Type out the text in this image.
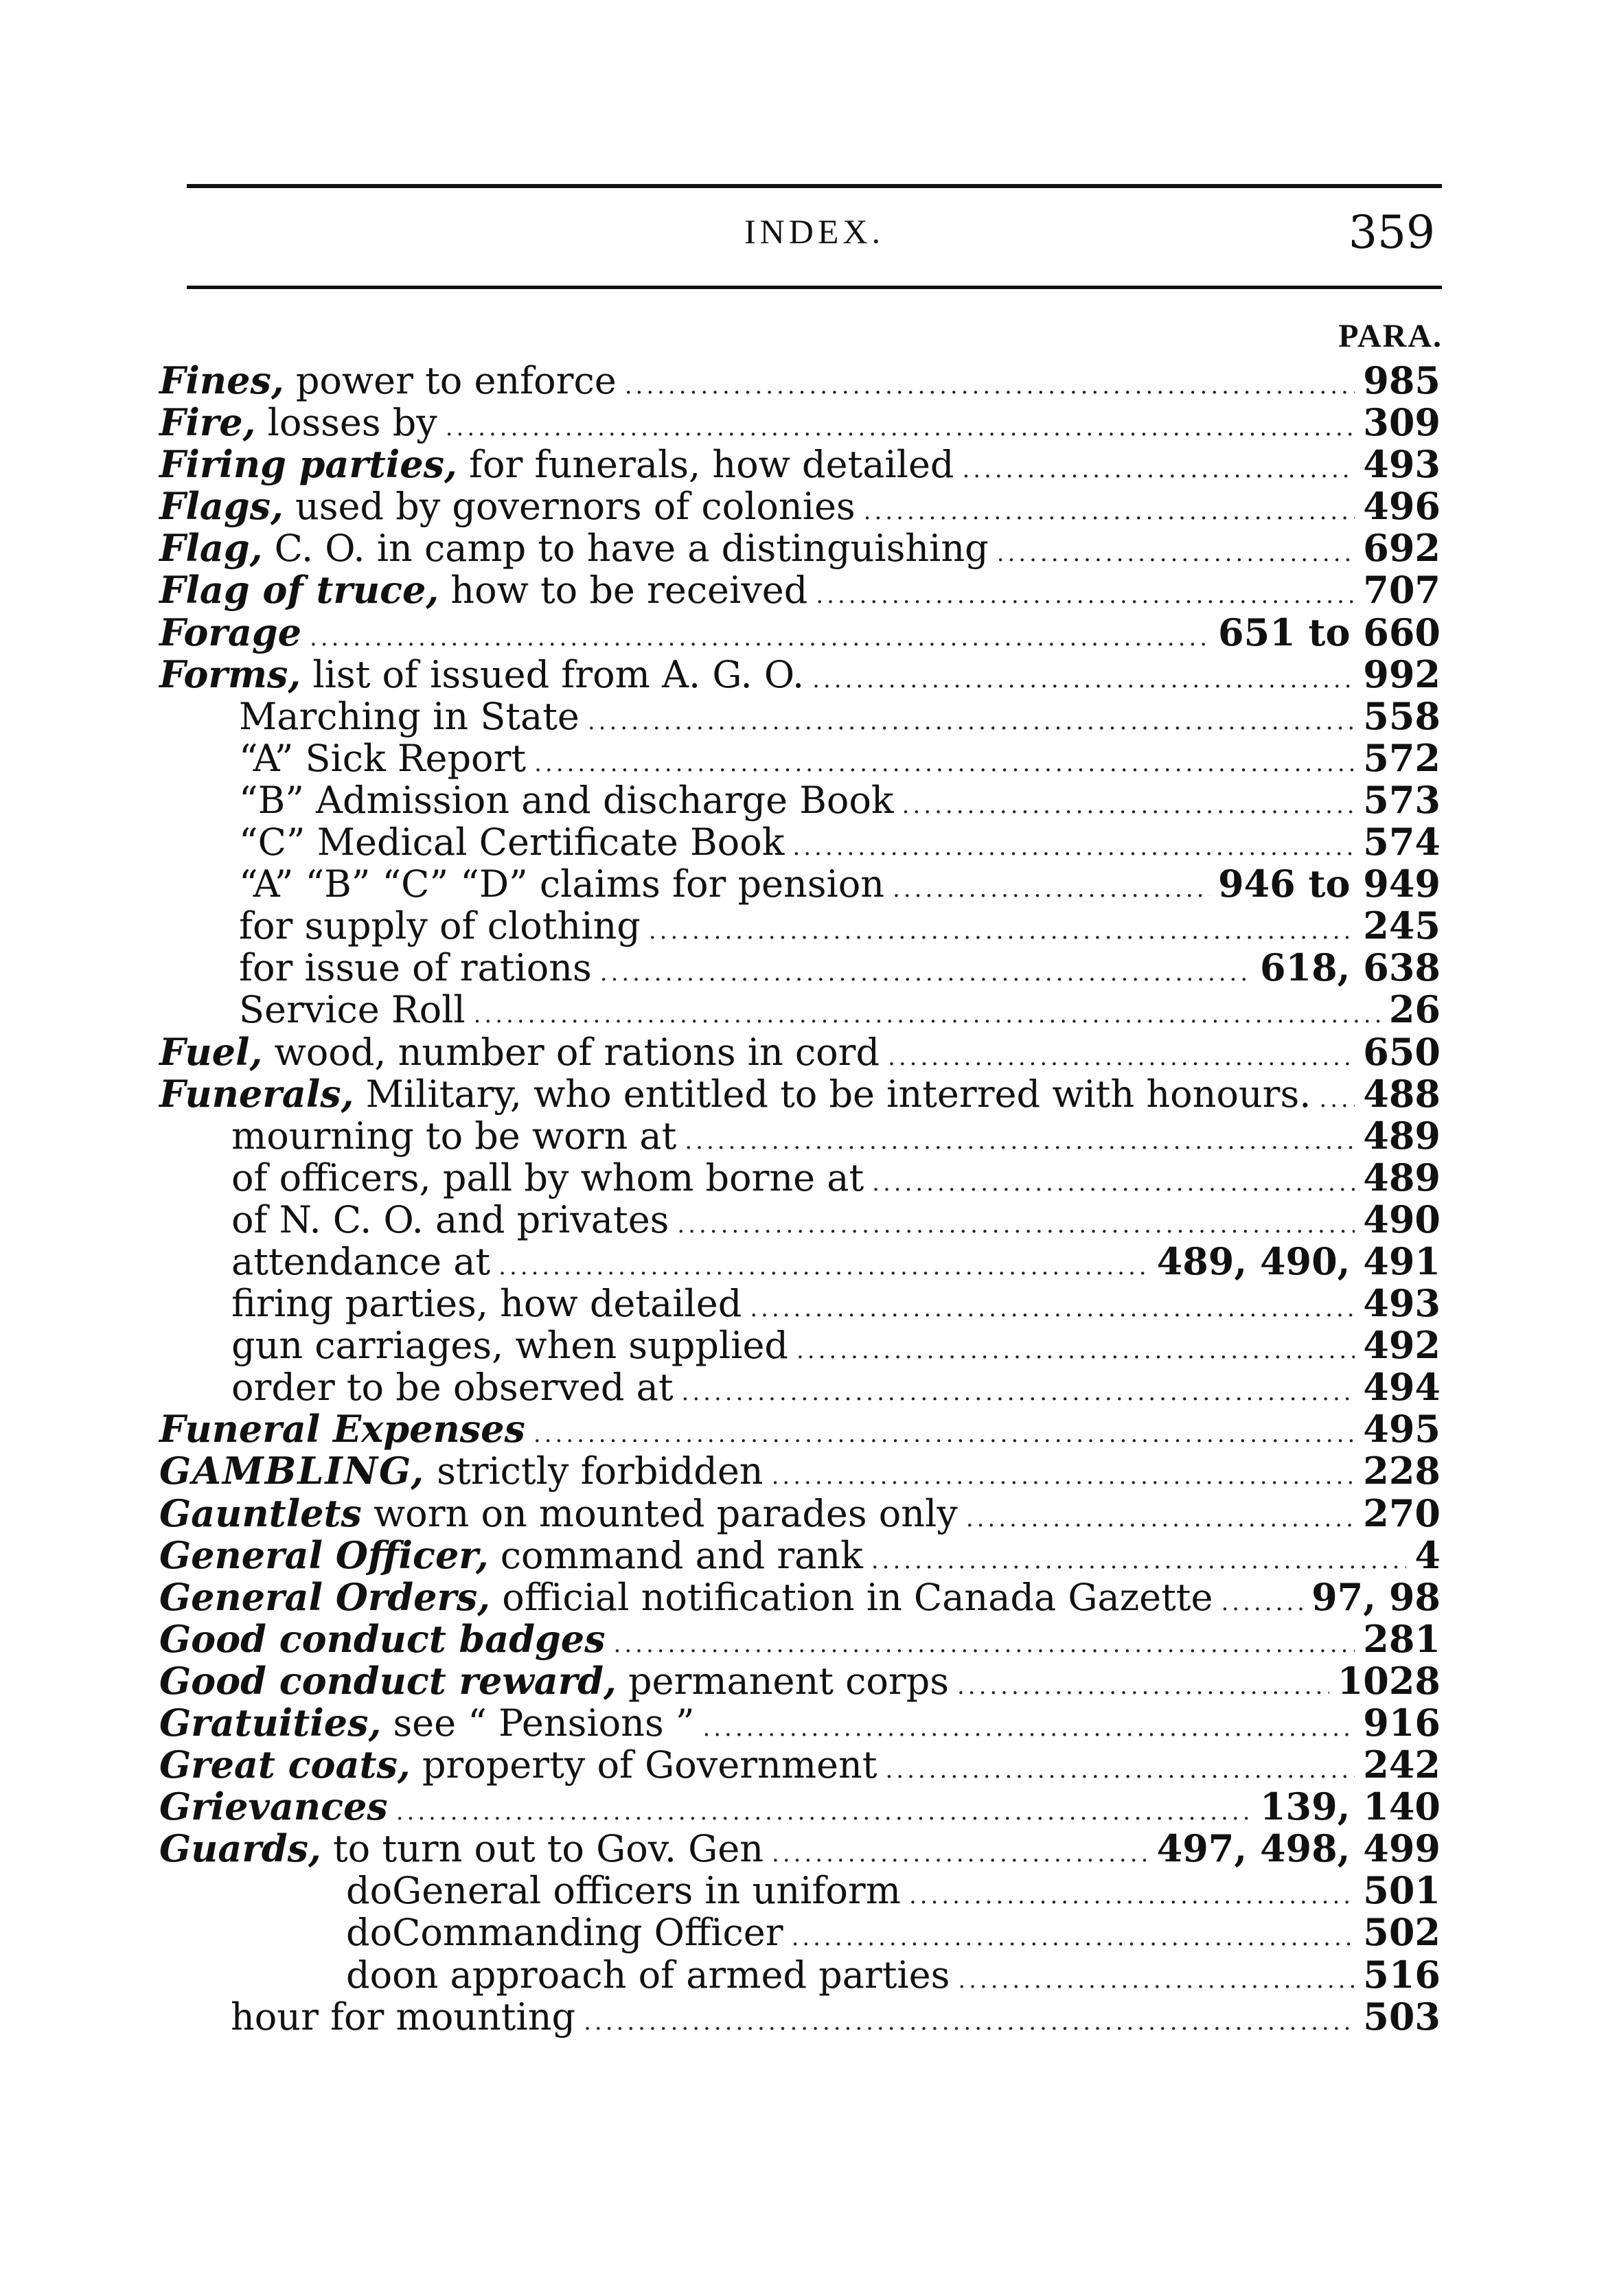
INDEX.	359
PARA.
Fines, power to enforce .....	985
Fire, losses by .....	309
Firing parties, for funerals, how detailed .....	493
Flags, used by governors of colonies .....	496
Flag, C. O. in camp to have a distinguishing .....	692
Flag of truce, how to be received .....	707
Forage .....	651 to 660
Forms, list of issued from A. G. O. .....	992
Marching in State .....	558
“A” Sick Report .....	572
“B” Admission and discharge Book .....	573
“C” Medical Certificate Book .....	574
“A” “B” “C” “D” claims for pension .....	946 to 949
for supply of clothing .....	245
for issue of rations .....	618, 638
Service Roll .....	26
Fuel, wood, number of rations in cord .....	650
Funerals, Military, who entitled to be interred with honours. ..... 488
mourning to be worn at .....	489
of officers, pall by whom borne at .....	489
of N. C. O. and privates .....	490
attendance at .....	489, 490, 491
firing parties, how detailed .....	493
gun carriages, when supplied .....	492
order to be observed at .....	494
Funeral Expenses .....	495
GAMBLING, strictly forbidden .....	228
Gauntlets worn on mounted parades only .....	270
General Officer, command and rank .....	4
General Orders, official notification in Canada Gazette .....	97, 98
Good conduct badges .....	281
Good conduct reward, permanent corps .....	1028
Gratuities, see “ Pensions ” .....	916
Great coats, property of Government .....	242
Grievances .....	139, 140
Guards, to turn out to Gov. Gen .....	497, 498, 499
do General officers in uniform .....	501
do Commanding Officer .....	502
do on approach of armed parties .....	516
hour for mounting .....	503
